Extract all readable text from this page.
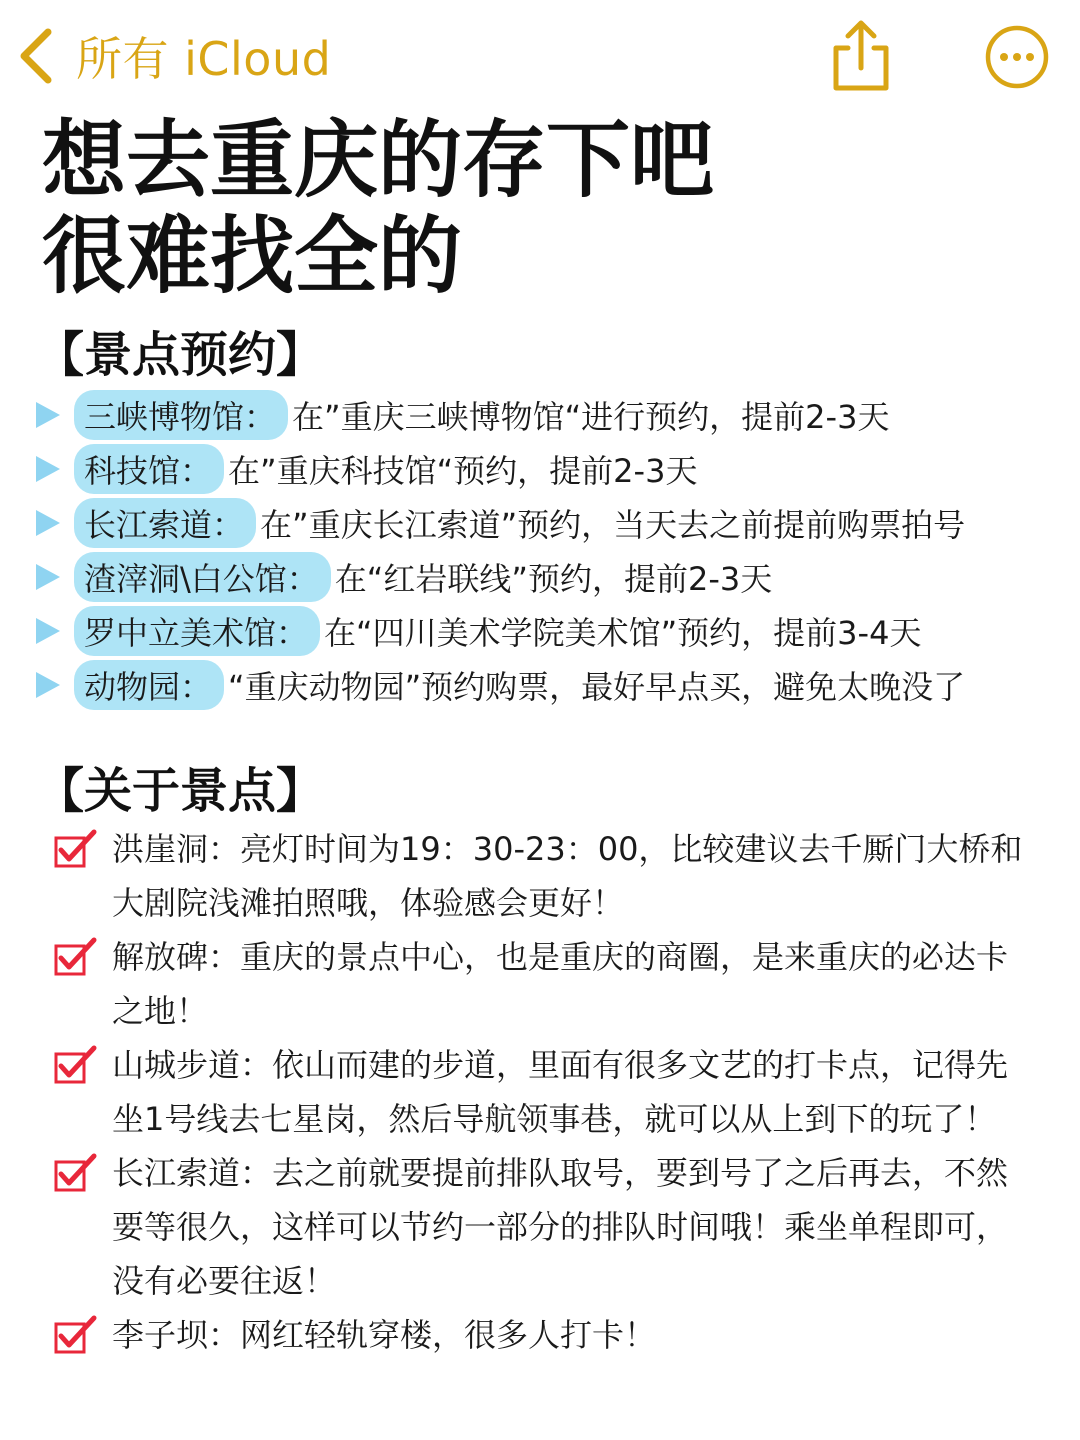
所有 iCloud
想去重庆的存下吧
很难找全的
【景点预约】
三峡博物馆： 在”重庆三峡博物馆“进行预约，提前2-3天
科技馆： 在”重庆科技馆“预约，提前2-3天
长江索道： 在”重庆长江索道”预约，当天去之前提前购票拍号
渣滓洞\白公馆： 在“红岩联线”预约，提前2-3天
罗中立美术馆： 在“四川美术学院美术馆”预约，提前3-4天
动物园： “重庆动物园”预约购票，最好早点买，避免太晚没了
【关于景点】
洪崖洞：亮灯时间为19：30-23：00，比较建议去千厮门大桥和大剧院浅滩拍照哦，体验感会更好！
解放碑：重庆的景点中心，也是重庆的商圈，是来重庆的必达卡之地！
山城步道：依山而建的步道，里面有很多文艺的打卡点，记得先坐1号线去七星岗，然后导航领事巷，就可以从上到下的玩了！
长江索道：去之前就要提前排队取号，要到号了之后再去，不然要等很久，这样可以节约一部分的排队时间哦！乘坐单程即可，没有必要往返！
李子坝：网红轻轨穿楼，很多人打卡！
